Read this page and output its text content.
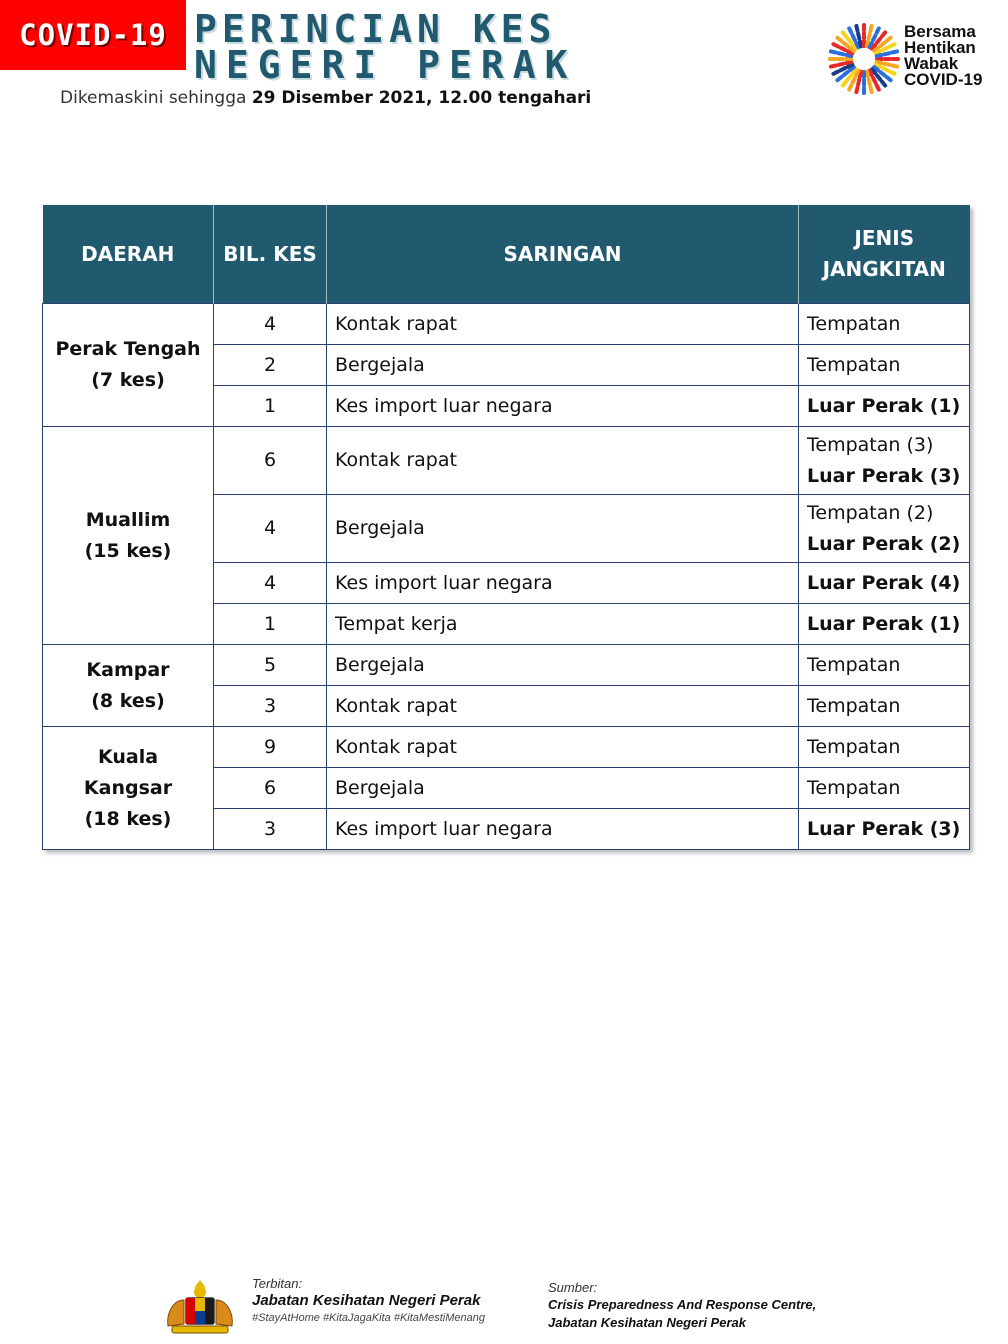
COVID-19 PERINCIAN KES
NEGERI PERAK
Dikemaskini sehingga 29 Disember 2021, 12.00 tengahari
Bersama
Hentikan
Wabak
COVID-19
DAERAH	BIL. KES	SARINGAN	JENIS
JANGKITAN
Perak Tengah
(7 kes)	4	Kontak rapat	Tempatan
	2	Bergejala	Tempatan
	1	Kes import luar negara	Luar Perak (1)
Muallim
(15 kes)	6	Kontak rapat	Tempatan (3)
Luar Perak (3)
	4	Bergejala	Tempatan (2)
Luar Perak (2)
	4	Kes import luar negara	Luar Perak (4)
	1	Tempat kerja	Luar Perak (1)
Kampar
(8 kes)	5	Bergejala	Tempatan
	3	Kontak rapat	Tempatan
Kuala Kangsar
(18 kes)	9	Kontak rapat	Tempatan
	6	Bergejala	Tempatan
	3	Kes import luar negara	Luar Perak (3)
Terbitan:
Jabatan Kesihatan Negeri Perak
#StayAtHome #KitaJagaKita #KitaMestiMenang
Sumber:
Crisis Preparedness And Response Centre,
Jabatan Kesihatan Negeri Perak
